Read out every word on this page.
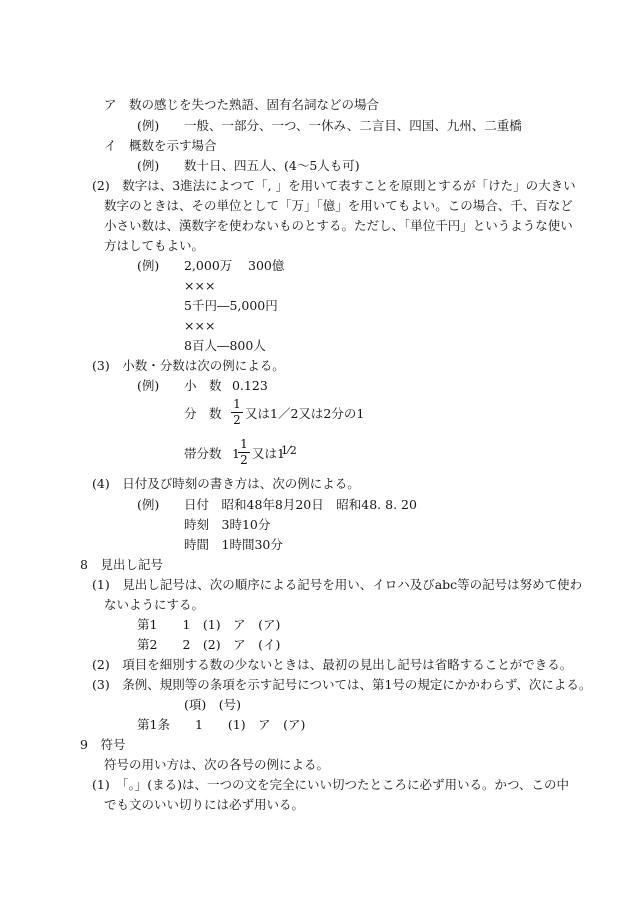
ア　数の感じを失つた熟語、固有名詞などの場合
(例) 一般、一部分、一つ、一休み、二言目、四国、九州、二重橋
イ　概数を示す場合
(例) 数十日、四五人、(4〜5人も可)
(2)　数字は、3進法によつて「, 」を用いて表すことを原則とするが「けた」の大きい
数字のときは、その単位として「万」「億」を用いてもよい。この場合、千、百など
小さい数は、漢数字を使わないものとする。ただし、「単位千円」というような使い
方はしてもよい。
(例) 2,000万 300億
×××
5千円―5,000円
×××
8百人―800人
(3)　小数・分数は次の例による。
(例) 小　数 0.123
分　数
1
2 又は1／2又は2分の1
帯分数 1
1
2 又は1
1⁄2
(4)　日付及び時刻の書き方は、次の例による。
(例) 日付　昭和48年8月20日　昭和48. 8. 20
時刻　3時10分
時間　1時間30分
8　見出し記号
(1)　見出し記号は、次の順序による記号を用い、イロハ及びabc等の記号は努めて使わ
ないようにする。
第1　　1　(1)　ア　(ア)
第2　　2　(2)　ア　(イ)
(2)　項目を細別する数の少ないときは、最初の見出し記号は省略することができる。
(3)　条例、規則等の条項を示す記号については、第1号の規定にかかわらず、次による。
(項)　(号)
第1条　　1　　(1)　ア　(ア)
9　符号
符号の用い方は、次の各号の例による。
(1)　「。」(まる)は、一つの文を完全にいい切つたところに必ず用いる。かつ、この中
でも文のいい切りには必ず用いる。
